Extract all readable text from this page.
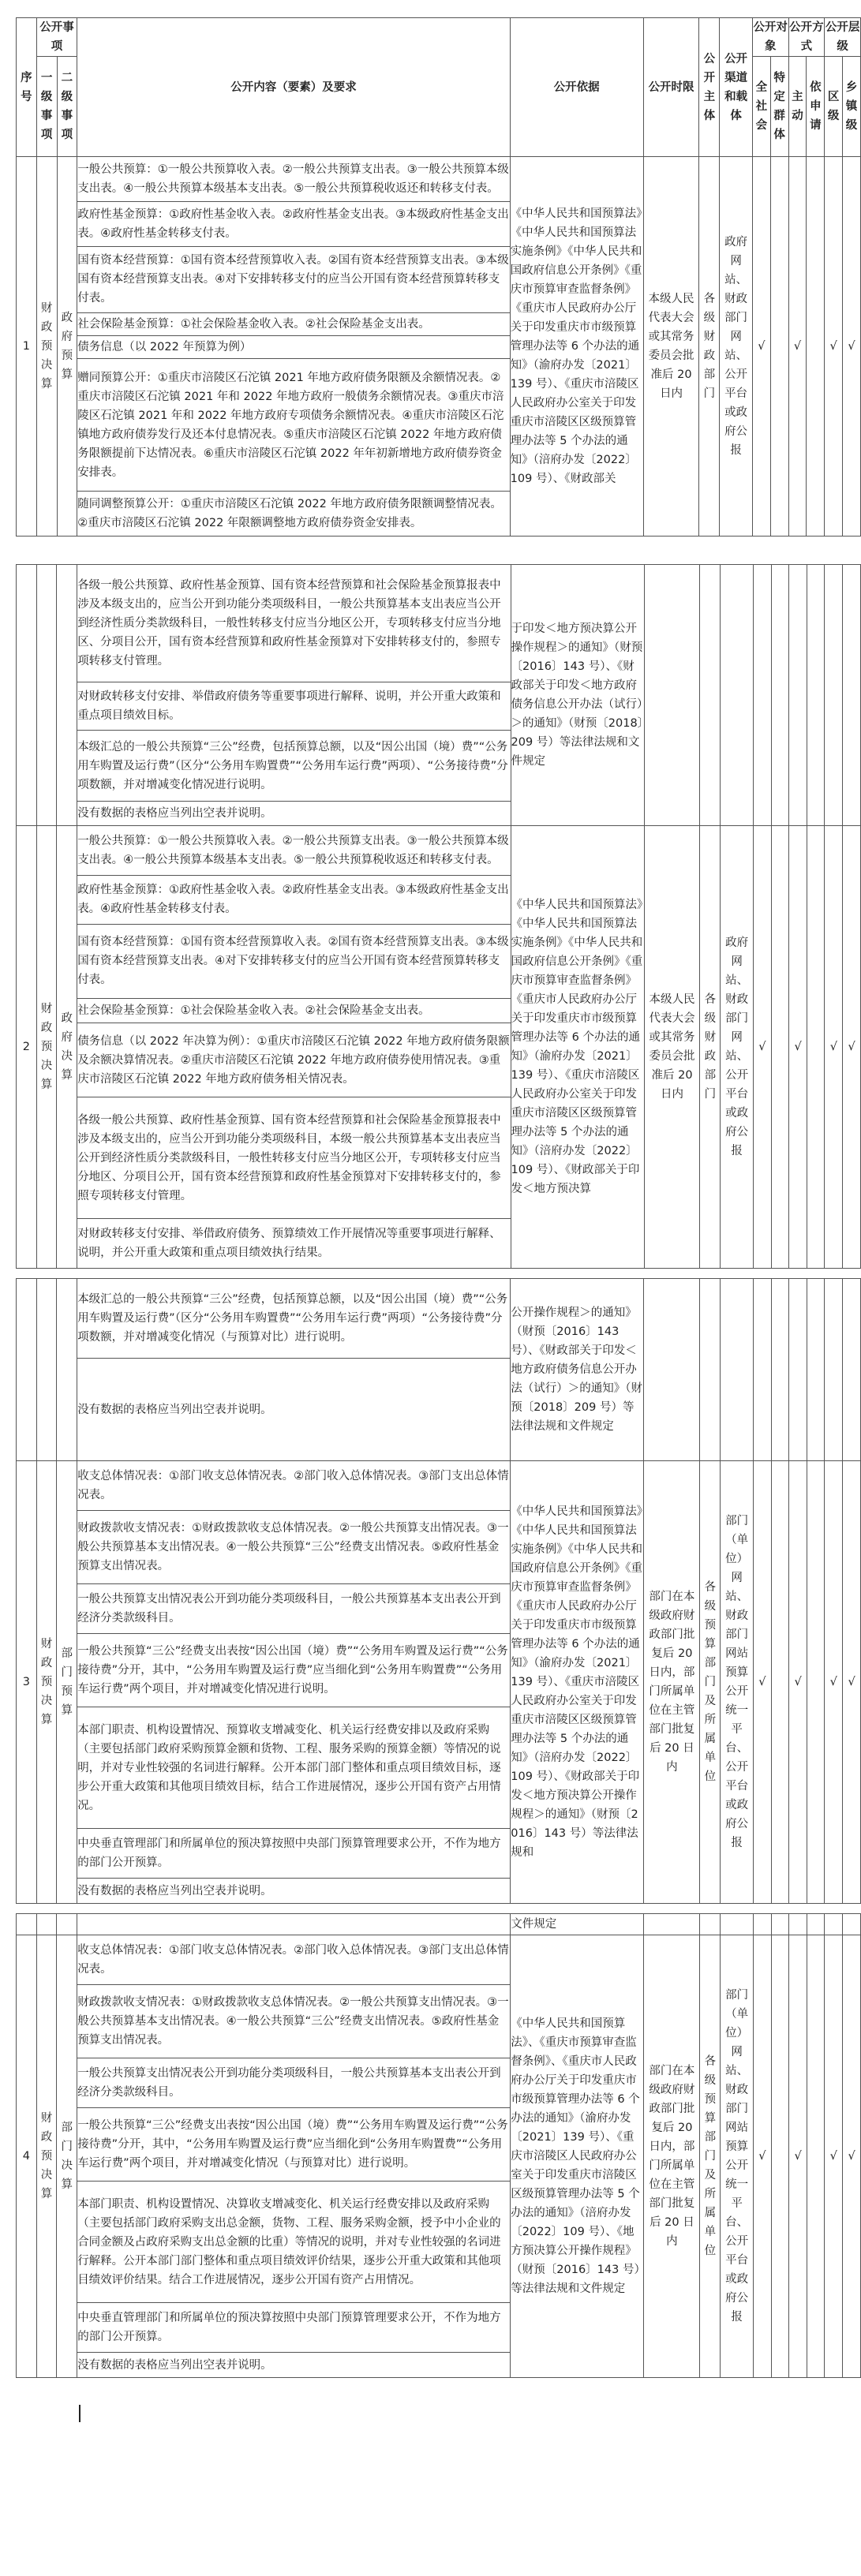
序号	公开事项		公开内容（要素）及要求	公开依据	公开时限	公开主体	公开渠道和载体	公开对象		公开方式		公开层级	
	一级事项	二级事项						全社会	特定群体	主动	依申请	区级	乡镇级
1	财政预决算	政府预算	一般公共预算：①一般公共预算收入表。②一般公共预算支出表。③一般公共预算本级支出表。④一般公共预算本级基本支出表。⑤一般公共预算税收返还和转移支付表。	《中华人民共和国预算法》《中华人民共和国预算法实施条例》《中华人民共和国政府信息公开条例》《重庆市预算审查监督条例》《重庆市人民政府办公厅关于印发重庆市市级预算管理办法等 6 个办法的通知》（渝府办发〔2021〕139 号）、《重庆市涪陵区人民政府办公室关于印发重庆市涪陵区区级预算管理办法等 5 个办法的通知》（涪府办发〔2022〕109 号）、《财政部关	本级人民代表大会或其常务委员会批准后 20 日内	各级财政部门	政府网站、财政部门网站、公开平台或政府公报	√		√		√	√
			政府性基金预算：①政府性基金收入表。②政府性基金支出表。③本级政府性基金支出表。④政府性基金转移支付表。										
			国有资本经营预算：①国有资本经营预算收入表。②国有资本经营预算支出表。③本级国有资本经营预算支出表。④对下安排转移支付的应当公开国有资本经营预算转移支付表。										
			社会保险基金预算：①社会保险基金收入表。②社会保险基金支出表。										
			债务信息（以 2022 年预算为例）										
			赠同预算公开：①重庆市涪陵区石沱镇 2021 年地方政府债务限额及余额情况表。②重庆市涪陵区石沱镇 2021 年和 2022 年地方政府一般债务余额情况表。③重庆市涪陵区石沱镇 2021 年和 2022 年地方政府专项债务余额情况表。④重庆市涪陵区石沱镇地方政府债券发行及还本付息情况表。⑤重庆市涪陵区石沱镇 2022 年地方政府债务限额提前下达情况表。⑥重庆市涪陵区石沱镇 2022 年年初新增地方政府债券资金安排表。										
			随同调整预算公开：①重庆市涪陵区石沱镇 2022 年地方政府债务限额调整情况表。②重庆市涪陵区石沱镇 2022 年限额调整地方政府债券资金安排表。										
			各级一般公共预算、政府性基金预算、国有资本经营预算和社会保险基金预算报表中涉及本级支出的，应当公开到功能分类项级科目，一般公共预算基本支出表应当公开到经济性质分类款级科目，一般性转移支付应当分地区公开，专项转移支付应当分地区、分项目公开，国有资本经营预算和政府性基金预算对下安排转移支付的，参照专项转移支付管理。	于印发＜地方预决算公开操作规程＞的通知》（财预〔2016〕143 号）、《财政部关于印发＜地方政府债务信息公开办法（试行）＞的通知》（财预〔2018〕209 号）等法律法规和文件规定									
			对财政转移支付安排、举借政府债务等重要事项进行解释、说明，并公开重大政策和重点项目绩效目标。										
			本级汇总的一般公共预算“三公”经费，包括预算总额，以及“因公出国（境）费”“公务用车购置及运行费”（区分“公务用车购置费”“公务用车运行费”两项）、“公务接待费”分项数额，并对增减变化情况进行说明。										
			没有数据的表格应当列出空表并说明。										
2	财政预决算	政府决算	一般公共预算：①一般公共预算收入表。②一般公共预算支出表。③一般公共预算本级支出表。④一般公共预算本级基本支出表。⑤一般公共预算税收返还和转移支付表。	《中华人民共和国预算法》《中华人民共和国预算法实施条例》《中华人民共和国政府信息公开条例》《重庆市预算审查监督条例》《重庆市人民政府办公厅关于印发重庆市市级预算管理办法等 6 个办法的通知》（渝府办发〔2021〕139 号）、《重庆市涪陵区人民政府办公室关于印发重庆市涪陵区区级预算管理办法等 5 个办法的通知》（涪府办发〔2022〕109 号）、《财政部关于印发＜地方预决算	本级人民代表大会或其常务委员会批准后 20 日内	各级财政部门	政府网站、财政部门网站、公开平台或政府公报	√		√		√	√
			政府性基金预算：①政府性基金收入表。②政府性基金支出表。③本级政府性基金支出表。④政府性基金转移支付表。										
			国有资本经营预算：①国有资本经营预算收入表。②国有资本经营预算支出表。③本级国有资本经营预算支出表。④对下安排转移支付的应当公开国有资本经营预算转移支付表。										
			社会保险基金预算：①社会保险基金收入表。②社会保险基金支出表。										
			债务信息（以 2022 年决算为例）：①重庆市涪陵区石沱镇 2022 年地方政府债务限额及余额决算情况表。②重庆市涪陵区石沱镇 2022 年地方政府债券使用情况表。③重庆市涪陵区石沱镇 2022 年地方政府债务相关情况表。										
			各级一般公共预算、政府性基金预算、国有资本经营预算和社会保险基金预算报表中涉及本级支出的，应当公开到功能分类项级科目，本级一般公共预算基本支出表应当公开到经济性质分类款级科目，一般性转移支付应当分地区公开，专项转移支付应当分地区、分项目公开，国有资本经营预算和政府性基金预算对下安排转移支付的，参照专项转移支付管理。										
			对财政转移支付安排、举借政府债务、预算绩效工作开展情况等重要事项进行解释、说明，并公开重大政策和重点项目绩效执行结果。										
			本级汇总的一般公共预算“三公”经费，包括预算总额，以及“因公出国（境）费”“公务用车购置及运行费”（区分“公务用车购置费”“公务用车运行费”两项）“公务接待费”分项数额，并对增减变化情况（与预算对比）进行说明。	公开操作规程＞的通知》（财预〔2016〕143 号）、《财政部关于印发＜地方政府债务信息公开办法（试行）＞的通知》（财预〔2018〕209 号）等法律法规和文件规定									
			没有数据的表格应当列出空表并说明。										
3	财政预决算	部门预算	收支总体情况表：①部门收支总体情况表。②部门收入总体情况表。③部门支出总体情况表。	《中华人民共和国预算法》《中华人民共和国预算法实施条例》《中华人民共和国政府信息公开条例》《重庆市预算审查监督条例》《重庆市人民政府办公厅关于印发重庆市市级预算管理办法等 6 个办法的通知》（渝府办发〔2021〕139 号）、《重庆市涪陵区人民政府办公室关于印发重庆市涪陵区区级预算管理办法等 5 个办法的通知》（涪府办发〔2022〕109 号）、《财政部关于印发＜地方预决算公开操作规程＞的通知》（财预〔2016〕143 号）等法律法规和	部门在本级政府财政部门批复后 20 日内，部门所属单位在主管部门批复后 20 日内	各级预算部门及所属单位	部门（单位）网站、财政部门网站预算公开统一平台、公开平台或政府公报	√		√		√	√
			财政拨款收支情况表：①财政拨款收支总体情况表。②一般公共预算支出情况表。③一般公共预算基本支出情况表。④一般公共预算“三公”经费支出情况表。⑤政府性基金预算支出情况表。										
			一般公共预算支出情况表公开到功能分类项级科目，一般公共预算基本支出表公开到经济分类款级科目。										
			一般公共预算“三公”经费支出表按“因公出国（境）费”“公务用车购置及运行费”“公务接待费”分开，其中，“公务用车购置及运行费”应当细化到“公务用车购置费”“公务用车运行费”两个项目，并对增减变化情况进行说明。										
			本部门职责、机构设置情况、预算收支增减变化、机关运行经费安排以及政府采购（主要包括部门政府采购预算金额和货物、工程、服务采购的预算金额）等情况的说明，并对专业性较强的名词进行解释。公开本部门部门整体和重点项目绩效目标，逐步公开重大政策和其他项目绩效目标，结合工作进展情况，逐步公开国有资产占用情况。										
			中央垂直管理部门和所属单位的预决算按照中央部门预算管理要求公开，不作为地方的部门公开预算。										
			没有数据的表格应当列出空表并说明。										
				文件规定									
4	财政预决算	部门决算	收支总体情况表：①部门收支总体情况表。②部门收入总体情况表。③部门支出总体情况表。	《中华人民共和国预算法》、《重庆市预算审查监督条例》、《重庆市人民政府办公厅关于印发重庆市市级预算管理办法等 6 个办法的通知》（渝府办发〔2021〕139 号）、《重庆市涪陵区人民政府办公室关于印发重庆市涪陵区区级预算管理办法等 5 个办法的通知》（涪府办发〔2022〕109 号）、《地方预决算公开操作规程》（财预〔2016〕143 号）等法律法规和文件规定	部门在本级政府财政部门批复后 20 日内，部门所属单位在主管部门批复后 20 日内	各级预算部门及所属单位	部门（单位）网站、财政部门网站预算公开统一平台、公开平台或政府公报	√		√		√	√
			财政拨款收支情况表：①财政拨款收支总体情况表。②一般公共预算支出情况表。③一般公共预算基本支出情况表。④一般公共预算“三公”经费支出情况表。⑤政府性基金预算支出情况表。										
			一般公共预算支出情况表公开到功能分类项级科目，一般公共预算基本支出表公开到经济分类款级科目。										
			一般公共预算“三公”经费支出表按“因公出国（境）费”“公务用车购置及运行费”“公务接待费”分开，其中，“公务用车购置及运行费”应当细化到“公务用车购置费”“公务用车运行费”两个项目，并对增减变化情况（与预算对比）进行说明。										
			本部门职责、机构设置情况、决算收支增减变化、机关运行经费安排以及政府采购（主要包括部门政府采购支出总金额，货物、工程、服务采购金额，授予中小企业的合同金额及占政府采购支出总金额的比重）等情况的说明，并对专业性较强的名词进行解释。公开本部门部门整体和重点项目绩效评价结果，逐步公开重大政策和其他项目绩效评价结果。结合工作进展情况，逐步公开国有资产占用情况。										
			中央垂直管理部门和所属单位的预决算按照中央部门预算管理要求公开，不作为地方的部门公开预算。										
			没有数据的表格应当列出空表并说明。										
